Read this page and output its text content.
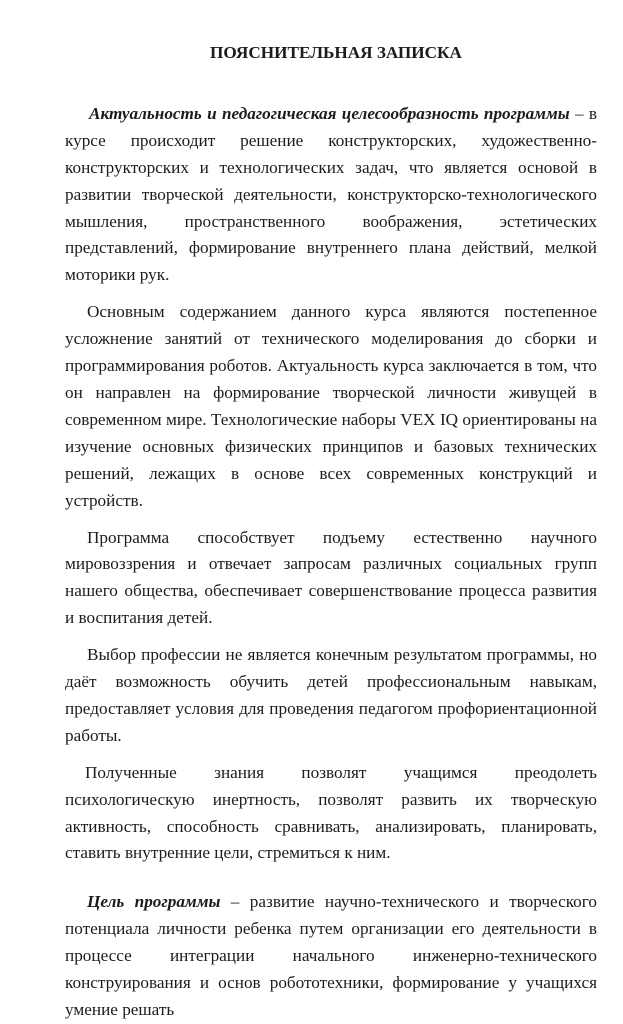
ПОЯСНИТЕЛЬНАЯ ЗАПИСКА

Актуальность и педагогическая целесообразность программы – в курсе происходит решение конструкторских, художественно-конструкторских и технологических задач, что является основой в развитии творческой деятельности, конструкторско-технологического мышления, пространственного воображения, эстетических представлений, формирование внутреннего плана действий, мелкой моторики рук.

Основным содержанием данного курса являются постепенное усложнение занятий от технического моделирования до сборки и программирования роботов. Актуальность курса заключается в том, что он направлен на формирование творческой личности живущей в современном мире. Технологические наборы VEX IQ ориентированы на изучение основных физических принципов и базовых технических решений, лежащих в основе всех современных конструкций и устройств.

Программа способствует подъему естественно научного мировоззрения и отвечает запросам различных социальных групп нашего общества, обеспечивает совершенствование процесса развития и воспитания детей.

Выбор профессии не является конечным результатом программы, но даёт возможность обучить детей профессиональным навыкам, предоставляет условия для проведения педагогом профориентационной работы.

Полученные знания позволят учащимся преодолеть психологическую инертность, позволят развить их творческую активность, способность сравнивать, анализировать, планировать, ставить внутренние цели, стремиться к ним.

Цель программы – развитие научно-технического и творческого потенциала личности ребенка путем организации его деятельности в процессе интеграции начального инженерно-технического конструирования и основ робототехники, формирование у учащихся умение решать
